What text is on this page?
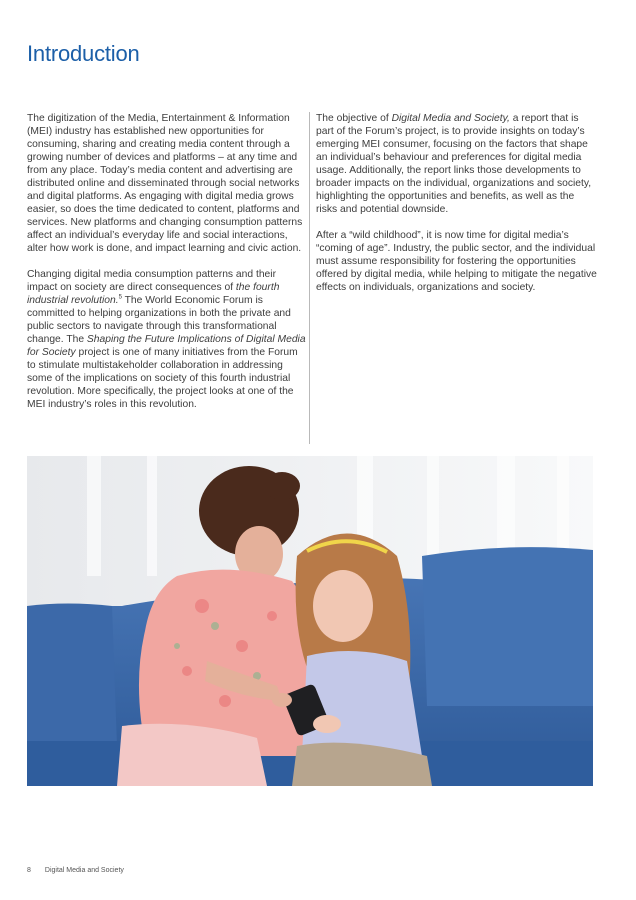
Introduction

The digitization of the Media, Entertainment & Information (MEI) industry has established new opportunities for consuming, sharing and creating media content through a growing number of devices and platforms – at any time and from any place. Today’s media content and advertising are distributed online and disseminated through social networks and digital platforms. As engaging with digital media grows easier, so does the time dedicated to content, platforms and services. New platforms and changing consumption patterns affect an individual’s everyday life and social interactions, alter how work is done, and impact learning and civic action.

Changing digital media consumption patterns and their impact on society are direct consequences of the fourth industrial revolution.$^5$ The World Economic Forum is committed to helping organizations in both the private and public sectors to navigate through this transformational change. The Shaping the Future Implications of Digital Media for Society project is one of many initiatives from the Forum to stimulate multistakeholder collaboration in addressing some of the implications on society of this fourth industrial revolution. More specifically, the project looks at one of the MEI industry’s roles in this revolution.

The objective of Digital Media and Society, a report that is part of the Forum’s project, is to provide insights on today’s emerging MEI consumer, focusing on the factors that shape an individual’s behaviour and preferences for digital media usage. Additionally, the report links those developments to broader impacts on the individual, organizations and society, highlighting the opportunities and benefits, as well as the risks and potential downside.

After a “wild childhood”, it is now time for digital media’s “coming of age”. Industry, the public sector, and the individual must assume responsibility for fostering the opportunities offered by digital media, while helping to mitigate the negative effects on individuals, organizations and society.

8 Digital Media and Society
